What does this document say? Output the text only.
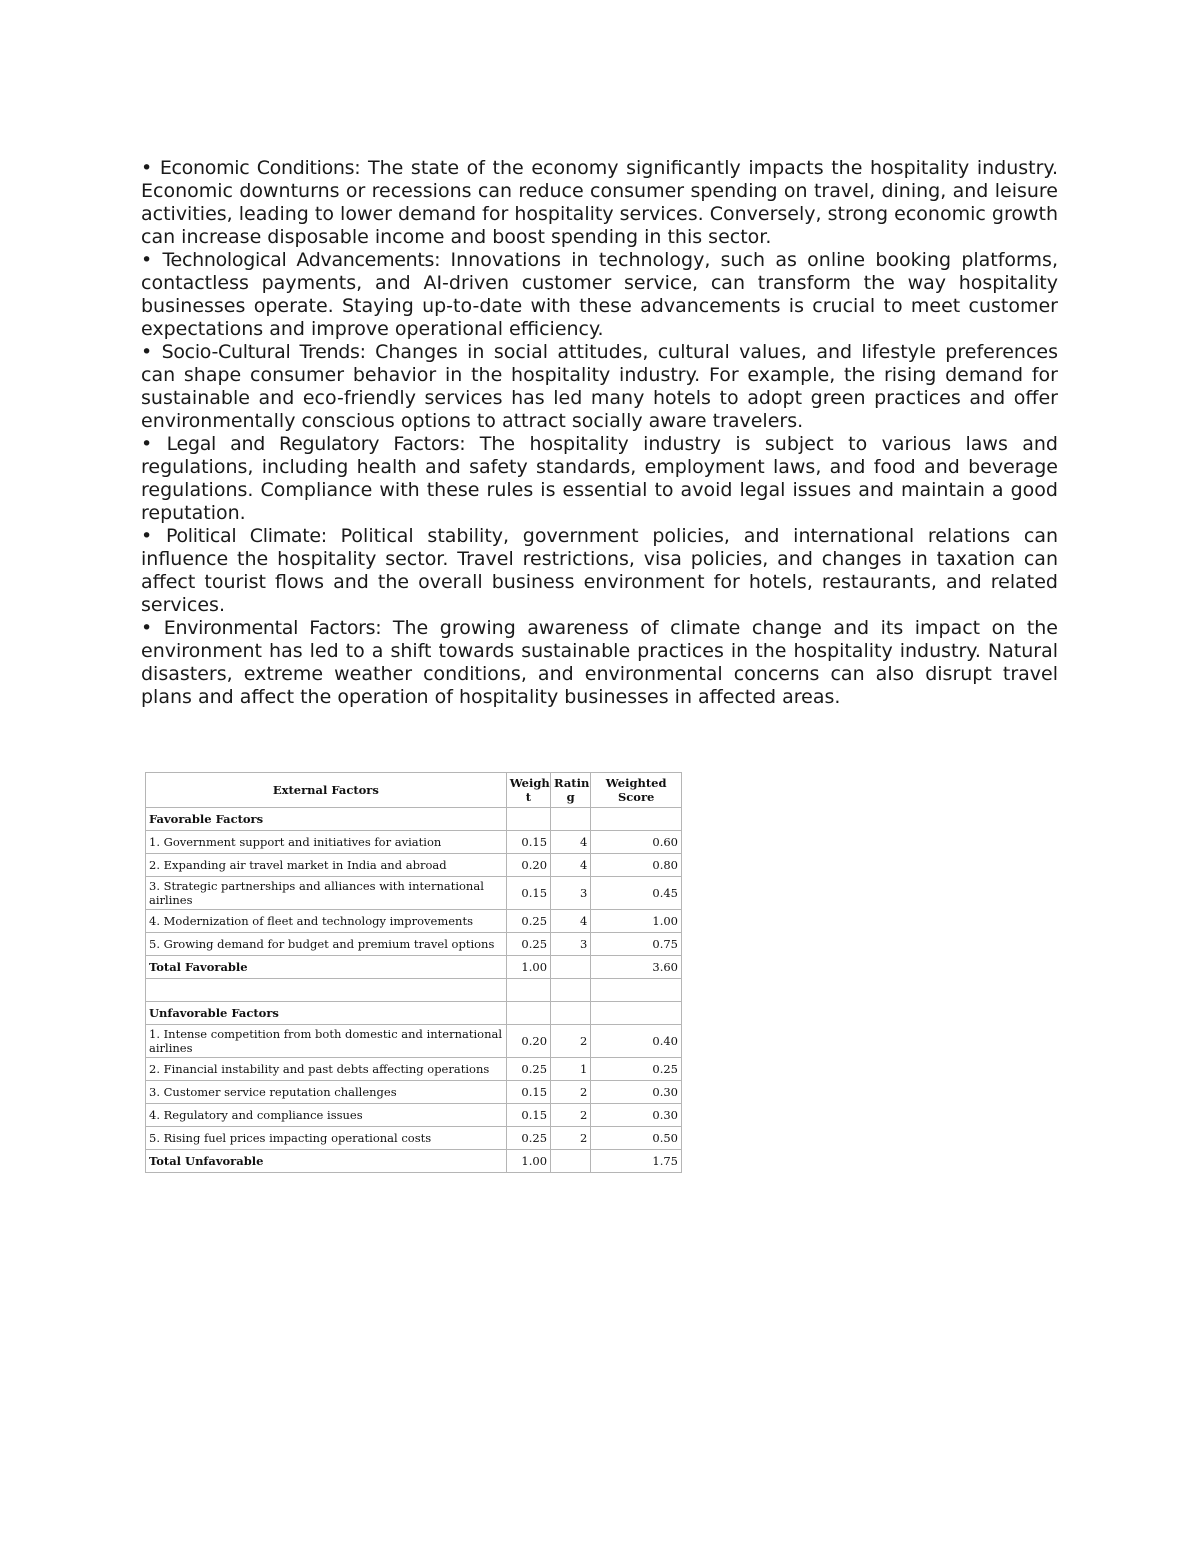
• Economic Conditions: The state of the economy significantly impacts the hospitality industry. Economic downturns or recessions can reduce consumer spending on travel, dining, and leisure activities, leading to lower demand for hospitality services. Conversely, strong economic growth can increase disposable income and boost spending in this sector.

• Technological Advancements: Innovations in technology, such as online booking platforms, contactless payments, and AI-driven customer service, can transform the way hospitality businesses operate. Staying up-to-date with these advancements is crucial to meet customer expectations and improve operational efficiency.

• Socio-Cultural Trends: Changes in social attitudes, cultural values, and lifestyle preferences can shape consumer behavior in the hospitality industry. For example, the rising demand for sustainable and eco-friendly services has led many hotels to adopt green practices and offer environmentally conscious options to attract socially aware travelers.

• Legal and Regulatory Factors: The hospitality industry is subject to various laws and regulations, including health and safety standards, employment laws, and food and beverage regulations. Compliance with these rules is essential to avoid legal issues and maintain a good reputation.

• Political Climate: Political stability, government policies, and international relations can influence the hospitality sector. Travel restrictions, visa policies, and changes in taxation can affect tourist flows and the overall business environment for hotels, restaurants, and related services.

• Environmental Factors: The growing awareness of climate change and its impact on the environment has led to a shift towards sustainable practices in the hospitality industry. Natural disasters, extreme weather conditions, and environmental concerns can also disrupt travel plans and affect the operation of hospitality businesses in affected areas.

External Factors	Weigh t	Ratin g	Weighted Score
Favorable Factors			
1. Government support and initiatives for aviation	0.15	4	0.60
2. Expanding air travel market in India and abroad	0.20	4	0.80
3. Strategic partnerships and alliances with international airlines	0.15	3	0.45
4. Modernization of fleet and technology improvements	0.25	4	1.00
5. Growing demand for budget and premium travel options	0.25	3	0.75
Total Favorable	1.00		3.60

Unfavorable Factors			
1. Intense competition from both domestic and international airlines	0.20	2	0.40
2. Financial instability and past debts affecting operations	0.25	1	0.25
3. Customer service reputation challenges	0.15	2	0.30
4. Regulatory and compliance issues	0.15	2	0.30
5. Rising fuel prices impacting operational costs	0.25	2	0.50
Total Unfavorable	1.00		1.75
